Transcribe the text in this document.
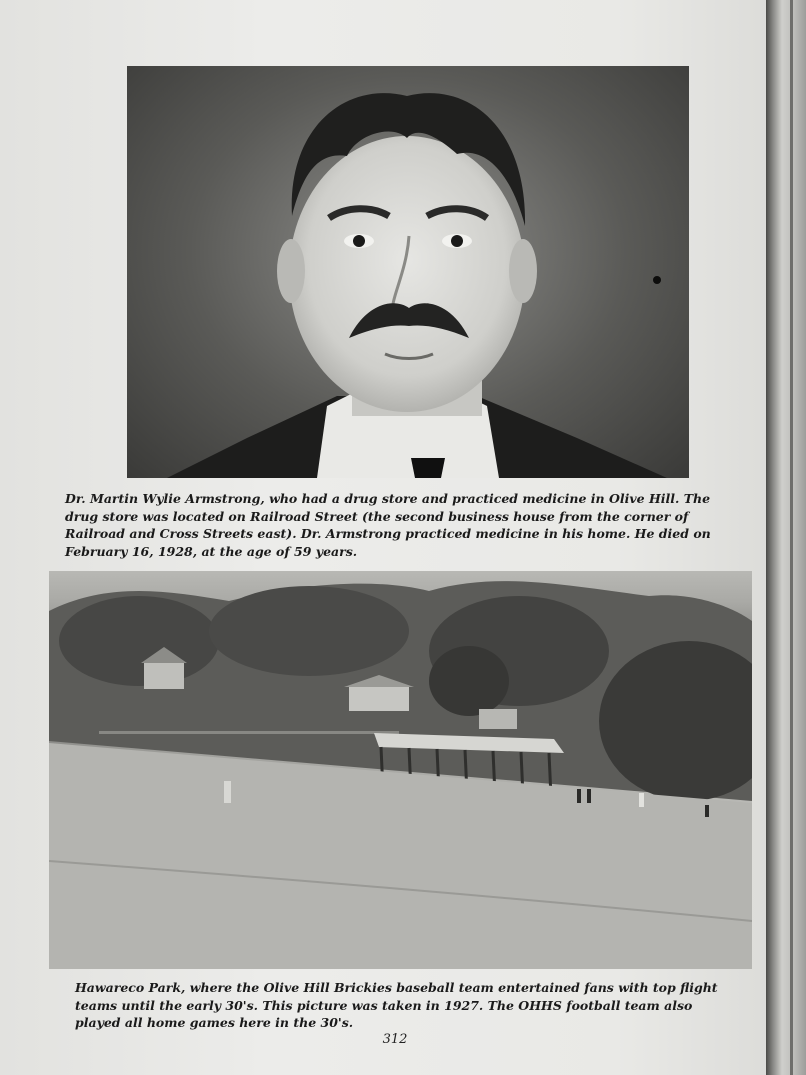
Dr. Martin Wylie Armstrong, who had a drug store and practiced medicine in Olive Hill. The drug store was located on Railroad Street (the second business house from the corner of Railroad and Cross Streets east). Dr. Armstrong practiced medicine in his home. He died on February 16, 1928, at the age of 59 years.

Hawareco Park, where the Olive Hill Brickies baseball team entertained fans with top flight teams until the early 30's. This picture was taken in 1927. The OHHS football team also played all home games here in the 30's.

312
